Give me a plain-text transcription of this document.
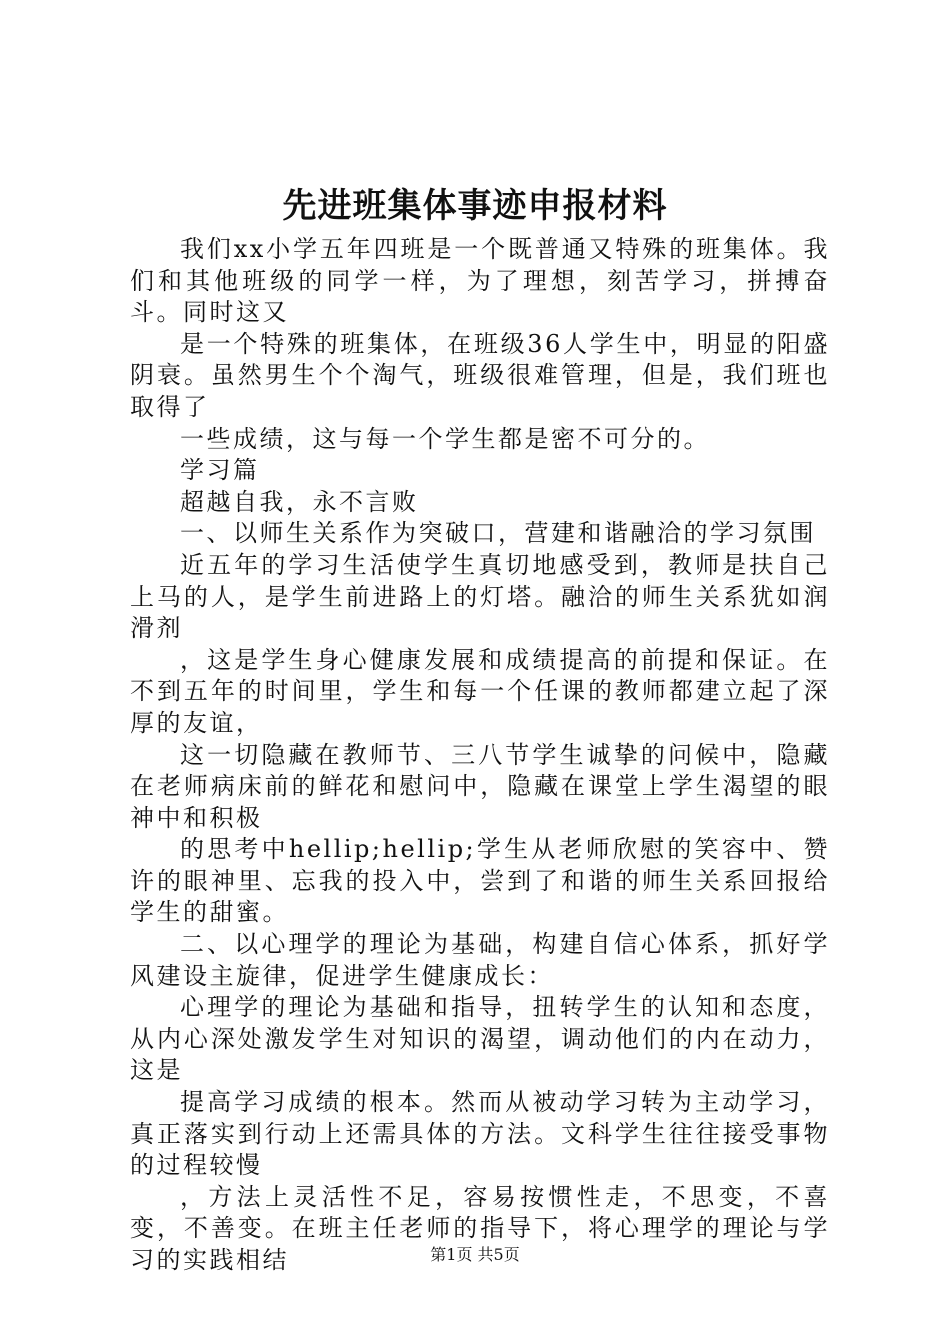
先进班集体事迹申报材料

我们xx小学五年四班是一个既普通又特殊的班集体。我们和其他班级的同学一样，为了理想，刻苦学习，拼搏奋斗。同时这又

是一个特殊的班集体，在班级36人学生中，明显的阳盛阴衰。虽然男生个个淘气，班级很难管理，但是，我们班也取得了

一些成绩，这与每一个学生都是密不可分的。

学习篇

超越自我，永不言败

一、以师生关系作为突破口，营建和谐融洽的学习氛围

近五年的学习生活使学生真切地感受到，教师是扶自己上马的人，是学生前进路上的灯塔。融洽的师生关系犹如润滑剂

，这是学生身心健康发展和成绩提高的前提和保证。在不到五年的时间里，学生和每一个任课的教师都建立起了深厚的友谊，

这一切隐藏在教师节、三八节学生诚挚的问候中，隐藏在老师病床前的鲜花和慰问中，隐藏在课堂上学生渴望的眼神中和积极

的思考中hellip;hellip;学生从老师欣慰的笑容中、赞许的眼神里、忘我的投入中，尝到了和谐的师生关系回报给学生的甜蜜。

二、以心理学的理论为基础，构建自信心体系，抓好学风建设主旋律，促进学生健康成长：

心理学的理论为基础和指导，扭转学生的认知和态度，从内心深处激发学生对知识的渴望，调动他们的内在动力，这是

提高学习成绩的根本。然而从被动学习转为主动学习，真正落实到行动上还需具体的方法。文科学生往往接受事物的过程较慢

，方法上灵活性不足，容易按惯性走，不思变，不喜变，不善变。在班主任老师的指导下，将心理学的理论与学习的实践相结	第1页 共5页
